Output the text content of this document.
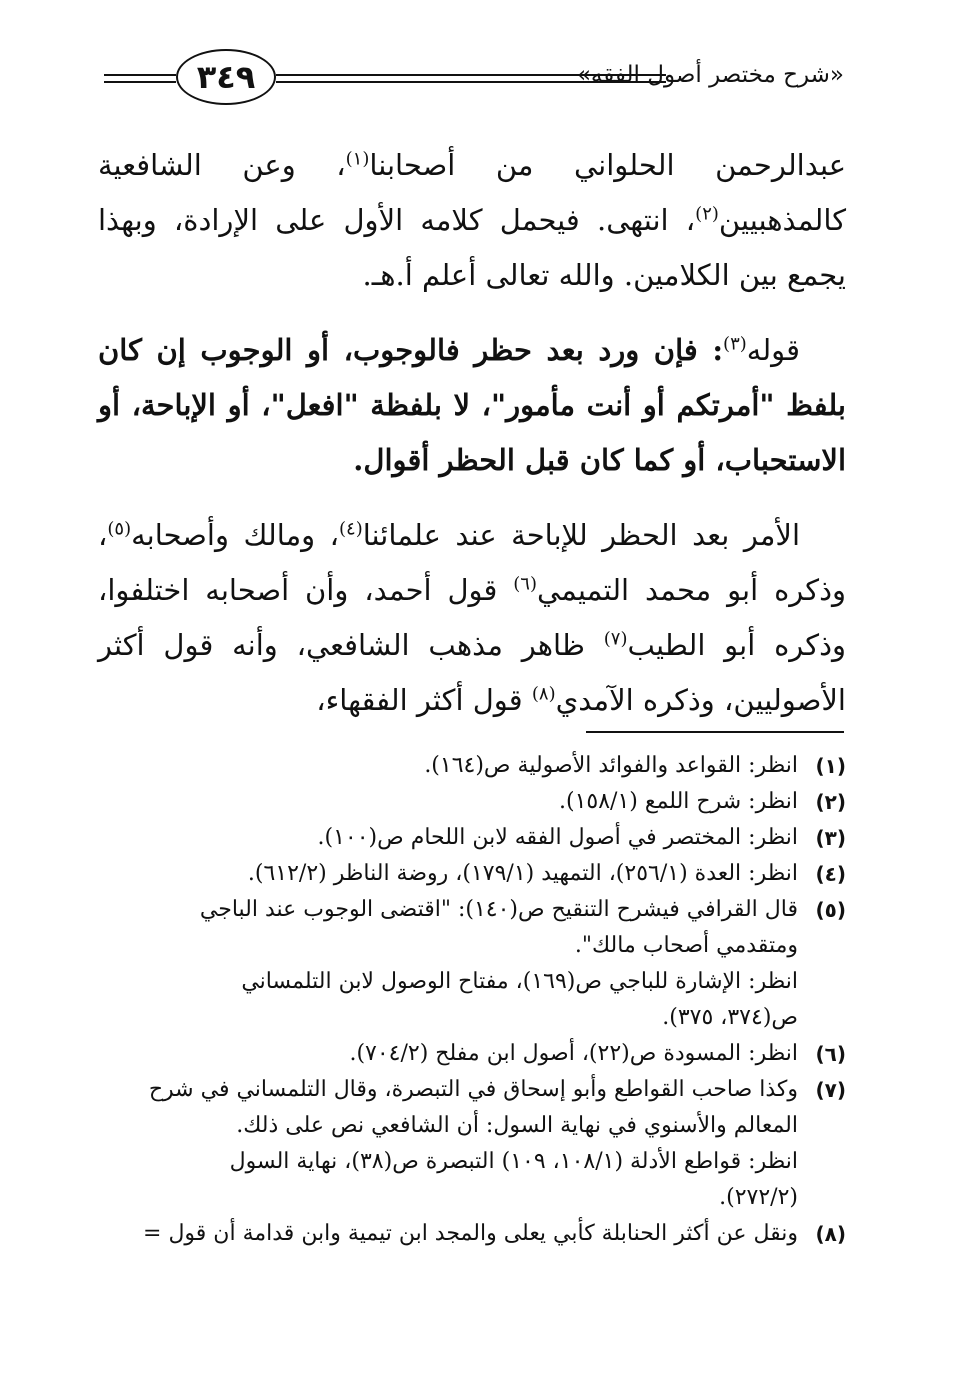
٣٤٩	«شرح مختصر أصول الفقه»

عبدالرحمن الحلواني من أصحابنا$^{(١)}$، وعن الشافعية كالمذهبيين$^{(٢)}$، انتهى. فيحمل كلامه الأول على الإرادة، وبهذا يجمع بين الكلامين. والله تعالى أعلم أ.هـ.

قوله$^{(٣)}$: فإن ورد بعد حظر فالوجوب، أو الوجوب إن كان بلفظ "أمرتكم أو أنت مأمور"، لا بلفظة "افعل"، أو الإباحة، أو الاستحباب، أو كما كان قبل الحظر أقوال.

الأمر بعد الحظر للإباحة عند علمائنا$^{(٤)}$، ومالك وأصحابه$^{(٥)}$، وذكره أبو محمد التميمي$^{(٦)}$ قول أحمد، وأن أصحابه اختلفوا، وذكره أبو الطيب$^{(٧)}$ ظاهر مذهب الشافعي، وأنه قول أكثر الأصوليين، وذكره الآمدي$^{(٨)}$ قول أكثر الفقهاء،

(١)
انظر: القواعد والفوائد الأصولية ص(١٦٤).
(٢)
انظر: شرح اللمع (١٥٨/١).
(٣)
انظر: المختصر في أصول الفقه لابن اللحام ص(١٠٠).
(٤)
انظر: العدة (٢٥٦/١)، التمهيد (١٧٩/١)، روضة الناظر (٦١٢/٢).
(٥)
قال القرافي فيشرح التنقيح ص(١٤٠): "اقتضى الوجوب عند الباجي
ومتقدمي أصحاب مالك".
انظر: الإشارة للباجي ص(١٦٩)، مفتاح الوصول لابن التلمساني
ص(٣٧٤، ٣٧٥).
(٦)
انظر: المسودة ص(٢٢)، أصول ابن مفلح (٧٠٤/٢).
(٧)
وكذا صاحب القواطع وأبو إسحاق في التبصرة، وقال التلمساني في شرح
المعالم والأسنوي في نهاية السول: أن الشافعي نص على ذلك.
انظر: قواطع الأدلة (١٠٨/١، ١٠٩) التبصرة ص(٣٨)، نهاية السول
(٢٧٢/٢).
(٨)
ونقل عن أكثر الحنابلة كأبي يعلى والمجد ابن تيمية وابن قدامة أن قول =
